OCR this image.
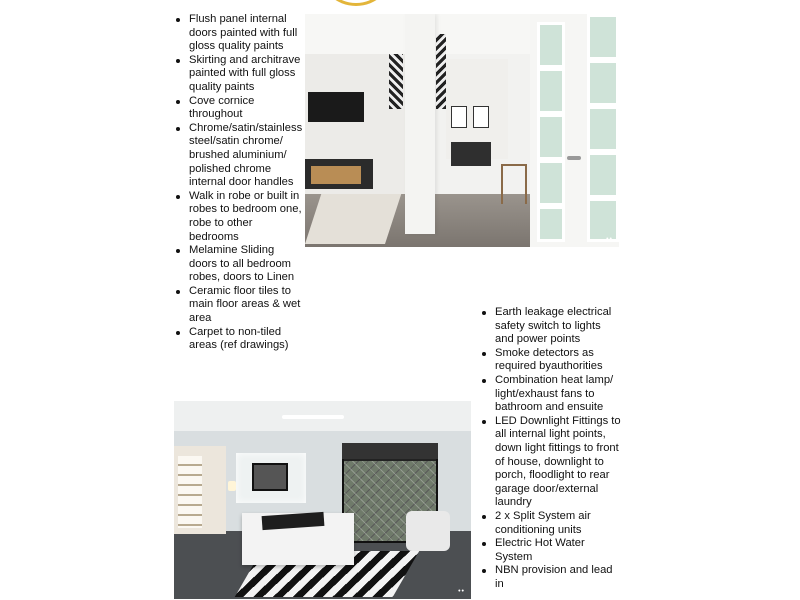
Flush panel internal doors painted with full gloss quality paints
Skirting and architrave painted with full gloss quality paints
Cove cornice throughout
Chrome/satin/stainless steel/satin chrome/ brushed aluminium/ polished chrome internal door handles
Walk in robe or built in robes to bedroom one, robe to other bedrooms
Melamine Sliding doors to all bedroom robes, doors to Linen
Ceramic floor tiles to main floor areas & wet area
Carpet to non-tiled areas (ref drawings)
••
Earth leakage electrical safety switch to lights and power points
Smoke detectors as required byauthorities
Combination heat lamp/ light/exhaust fans to bathroom and ensuite
LED Downlight Fittings to all internal light points, down light fittings to front of house, downlight to porch, floodlight to rear garage door/external laundry
2 x Split System air conditioning units
Electric Hot Water System
NBN provision and lead in
••
